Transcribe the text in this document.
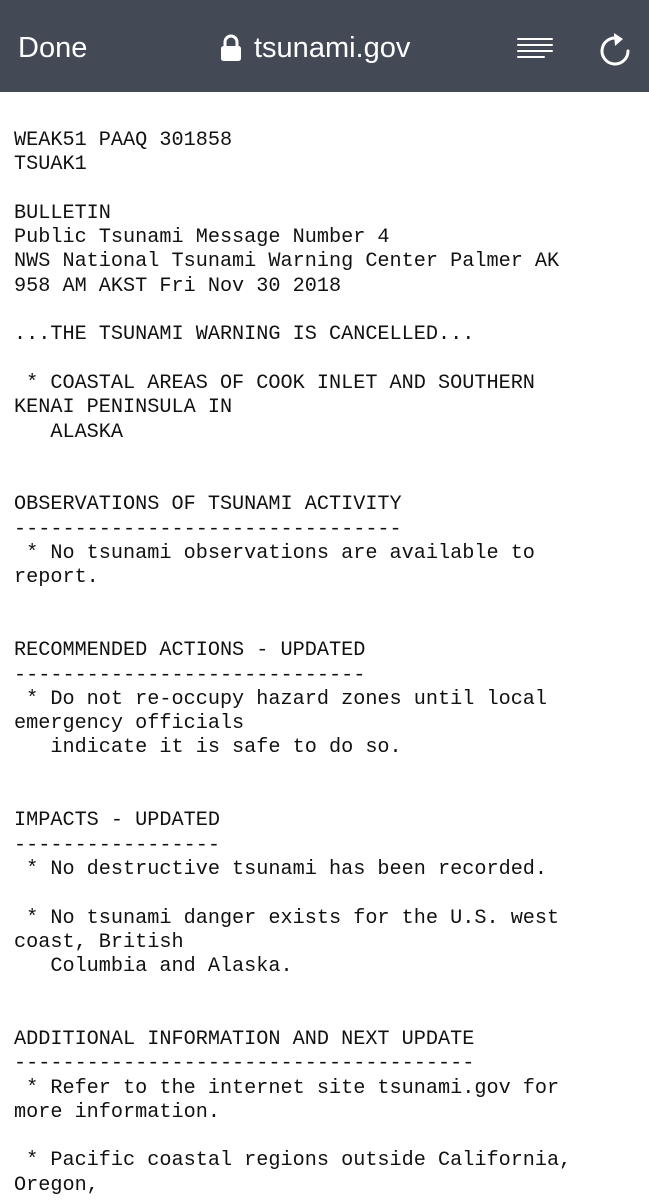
Done	tsunami.gov
WEAK51 PAAQ 301858
TSUAK1
BULLETIN
Public Tsunami Message Number 4
NWS National Tsunami Warning Center Palmer AK
958 AM AKST Fri Nov 30 2018
...THE TSUNAMI WARNING IS CANCELLED...
* COASTAL AREAS OF COOK INLET AND SOUTHERN
KENAI PENINSULA IN
ALASKA
OBSERVATIONS OF TSUNAMI ACTIVITY
--------------------------------
* No tsunami observations are available to
report.
RECOMMENDED ACTIONS - UPDATED
-----------------------------
* Do not re-occupy hazard zones until local
emergency officials
indicate it is safe to do so.
IMPACTS - UPDATED
-----------------
* No destructive tsunami has been recorded.
* No tsunami danger exists for the U.S. west
coast, British
Columbia and Alaska.
ADDITIONAL INFORMATION AND NEXT UPDATE
--------------------------------------
* Refer to the internet site tsunami.gov for
more information.
* Pacific coastal regions outside California,
Oregon,
